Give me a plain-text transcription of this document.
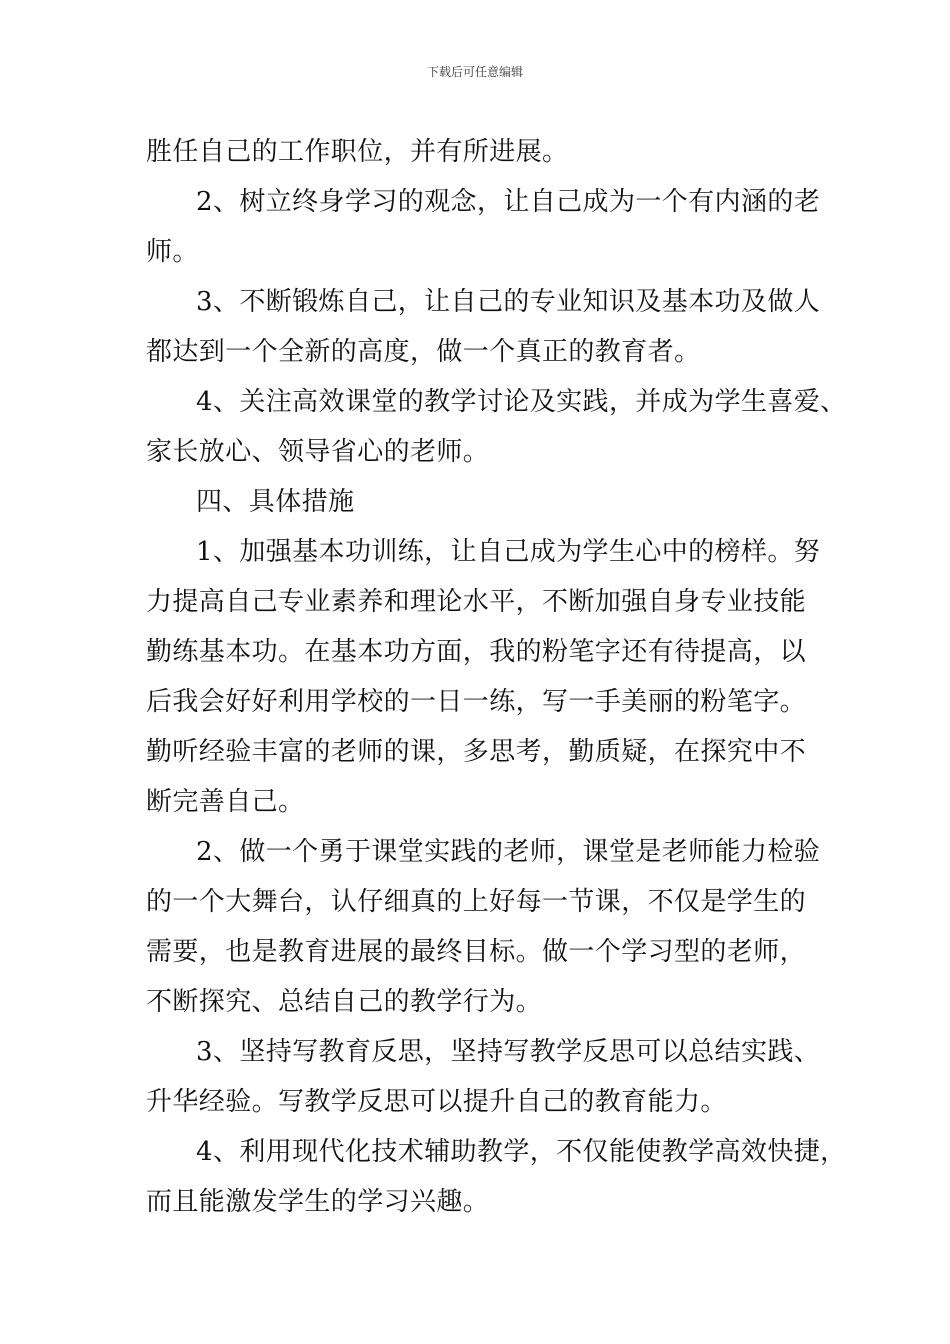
下载后可任意编辑
胜任自己的工作职位，并有所进展。
2、树立终身学习的观念，让自己成为一个有内涵的老
师。
3、不断锻炼自己，让自己的专业知识及基本功及做人
都达到一个全新的高度，做一个真正的教育者。
4、关注高效课堂的教学讨论及实践，并成为学生喜爱、
家长放心、领导省心的老师。
四、具体措施
1、加强基本功训练，让自己成为学生心中的榜样。努
力提高自己专业素养和理论水平，不断加强自身专业技能
勤练基本功。在基本功方面，我的粉笔字还有待提高，以
后我会好好利用学校的一日一练，写一手美丽的粉笔字。
勤听经验丰富的老师的课，多思考，勤质疑，在探究中不
断完善自己。
2、做一个勇于课堂实践的老师，课堂是老师能力检验
的一个大舞台，认仔细真的上好每一节课，不仅是学生的
需要，也是教育进展的最终目标。做一个学习型的老师，
不断探究、总结自己的教学行为。
3、坚持写教育反思，坚持写教学反思可以总结实践、
升华经验。写教学反思可以提升自己的教育能力。
4、利用现代化技术辅助教学，不仅能使教学高效快捷，
而且能激发学生的学习兴趣。
